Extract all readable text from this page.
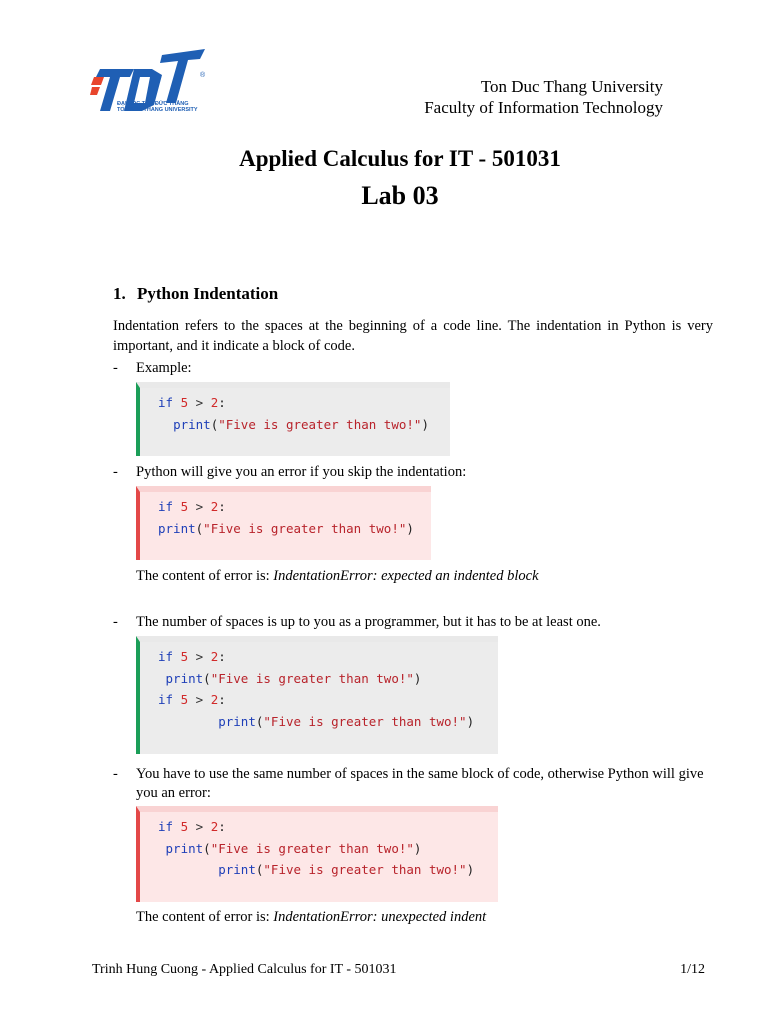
®
ĐẠI HỌC TÔN ĐỨC THẮNG
TON DUC THANG UNIVERSITY
Ton Duc Thang University
Faculty of Information Technology
Applied Calculus for IT - 501031
Lab 03
1. Python Indentation
Indentation refers to the spaces at the beginning of a code line. The indentation in Python is very important, and it indicate a block of code.
- Example:
if 5 > 2:
print("Five is greater than two!")
- Python will give you an error if you skip the indentation:
if 5 > 2:
print("Five is greater than two!")
The content of error is: IndentationError: expected an indented block
- The number of spaces is up to you as a programmer, but it has to be at least one.
if 5 > 2:
print("Five is greater than two!")
if 5 > 2:
print("Five is greater than two!")
- You have to use the same number of spaces in the same block of code, otherwise Python will give you an error:
if 5 > 2:
print("Five is greater than two!")
print("Five is greater than two!")
The content of error is: IndentationError: unexpected indent
Trinh Hung Cuong - Applied Calculus for IT - 501031	1/12
